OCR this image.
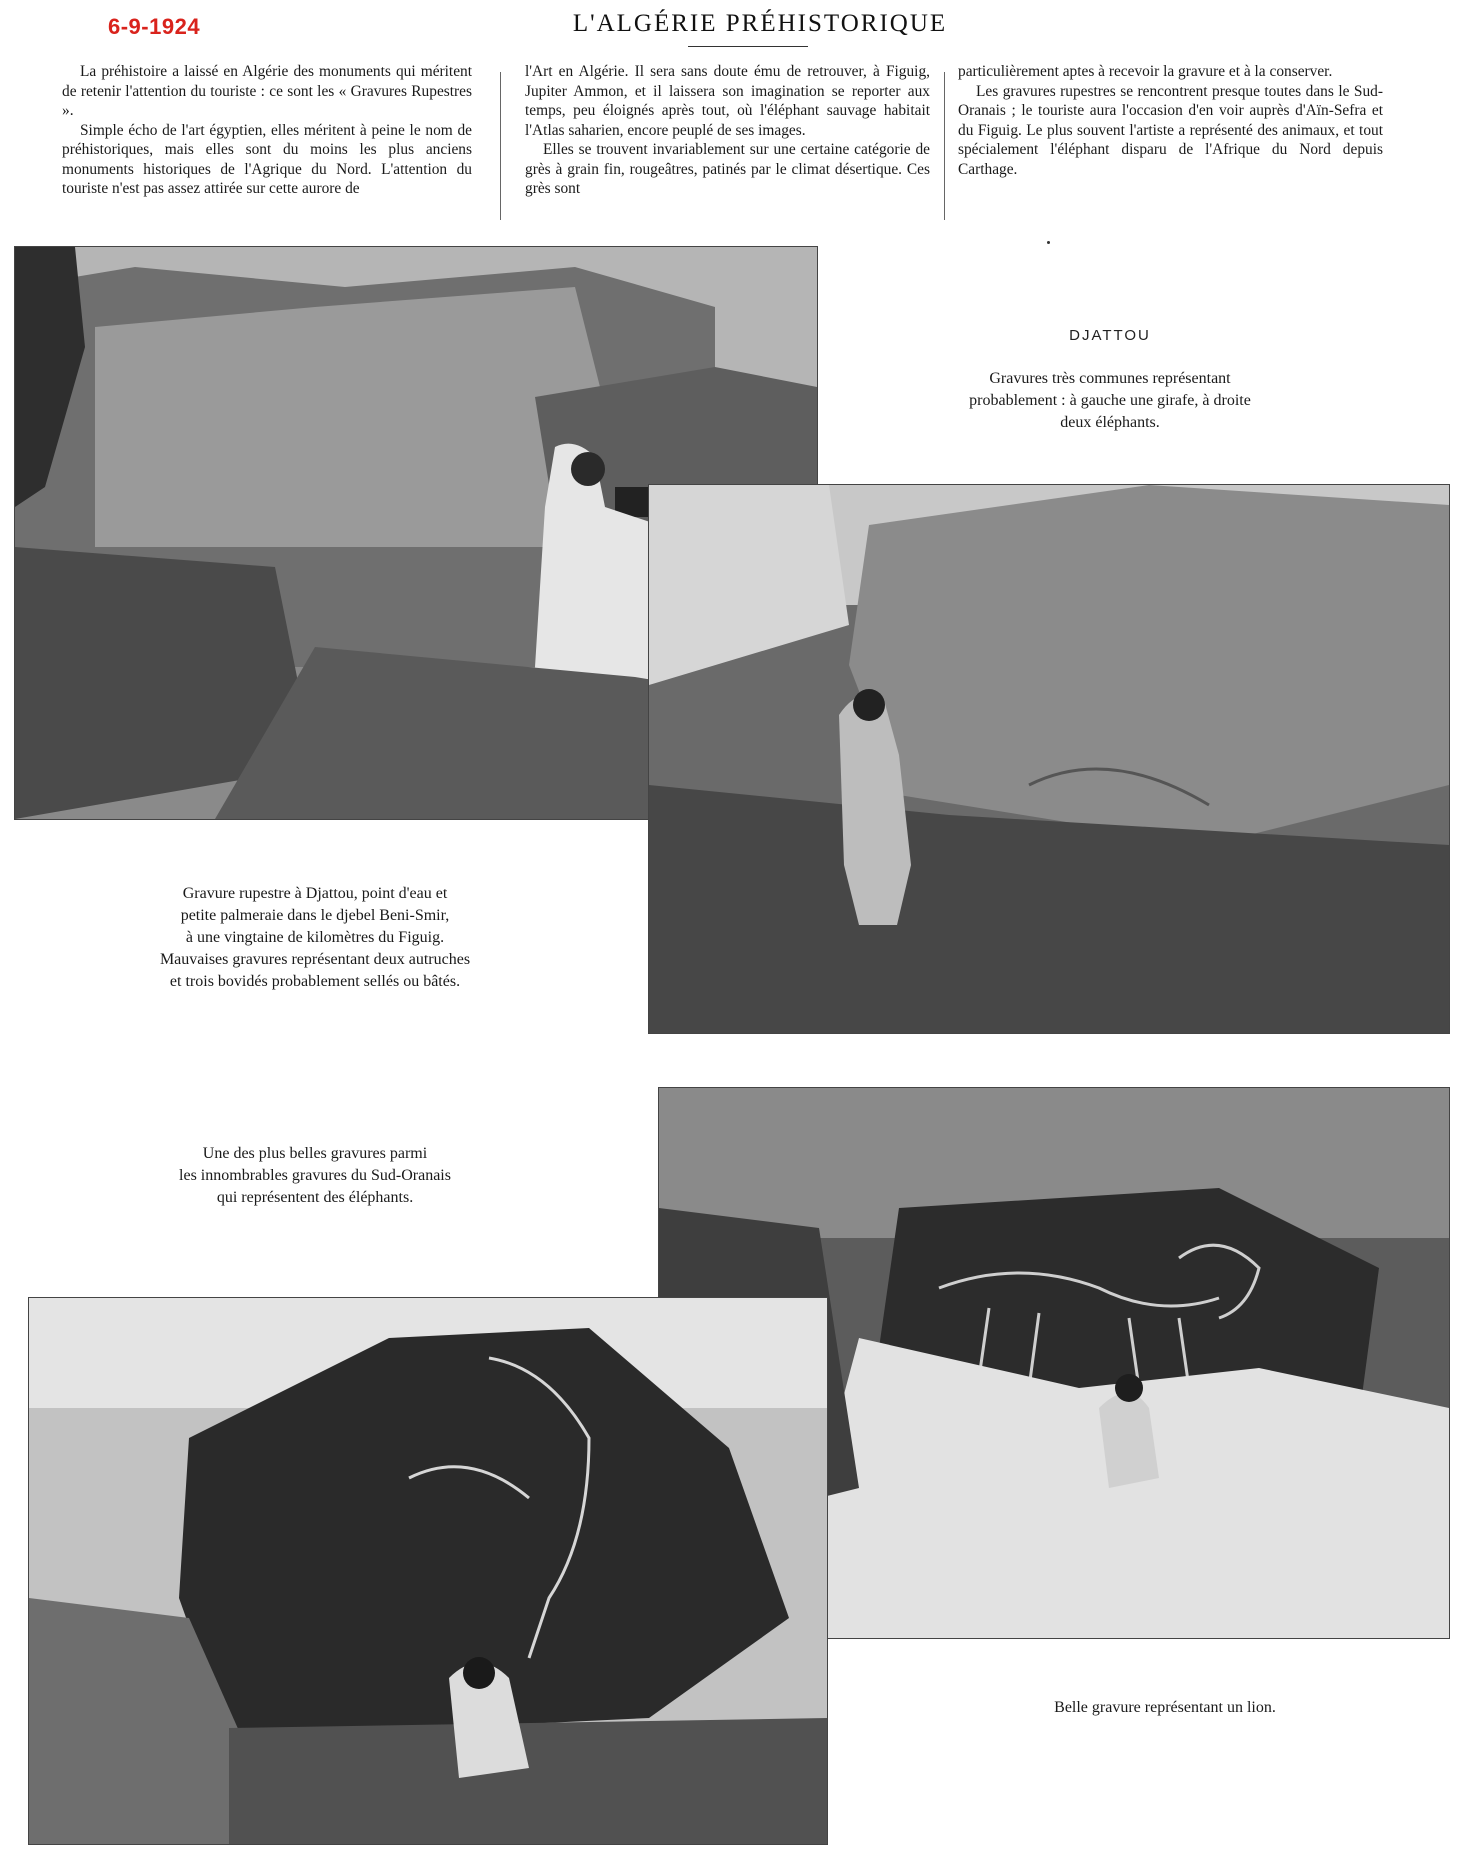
6-9-1924	L'ALGÉRIE PRÉHISTORIQUE

La préhistoire a laissé en Algérie des monuments qui méritent de retenir l'attention du touriste : ce sont les « Gravures Rupestres ».

Simple écho de l'art égyptien, elles méritent à peine le nom de préhistoriques, mais elles sont du moins les plus anciens monuments historiques de l'Agrique du Nord. L'attention du touriste n'est pas assez attirée sur cette aurore de

l'Art en Algérie. Il sera sans doute ému de retrouver, à Figuig, Jupiter Ammon, et il laissera son imagination se reporter aux temps, peu éloignés après tout, où l'éléphant sauvage habitait l'Atlas saharien, encore peuplé de ses images.

Elles se trouvent invariablement sur une certaine catégorie de grès à grain fin, rougeâtres, patinés par le climat désertique. Ces grès sont

particulièrement aptes à recevoir la gravure et à la conserver.

Les gravures rupestres se rencontrent presque toutes dans le Sud-Oranais ; le touriste aura l'occasion d'en voir auprès d'Aïn-Sefra et du Figuig. Le plus souvent l'artiste a représenté des animaux, et tout spécialement l'éléphant disparu de l'Afrique du Nord depuis Carthage.

DJATTOU
Gravures très communes représentant
probablement : à gauche une girafe, à droite
deux éléphants.
Gravure rupestre à Djattou, point d'eau et
petite palmeraie dans le djebel Beni-Smir,
à une vingtaine de kilomètres du Figuig.
Mauvaises gravures représentant deux autruches
et trois bovidés probablement sellés ou bâtés.
Une des plus belles gravures parmi
les innombrables gravures du Sud-Oranais
qui représentent des éléphants.
Belle gravure représentant un lion.
